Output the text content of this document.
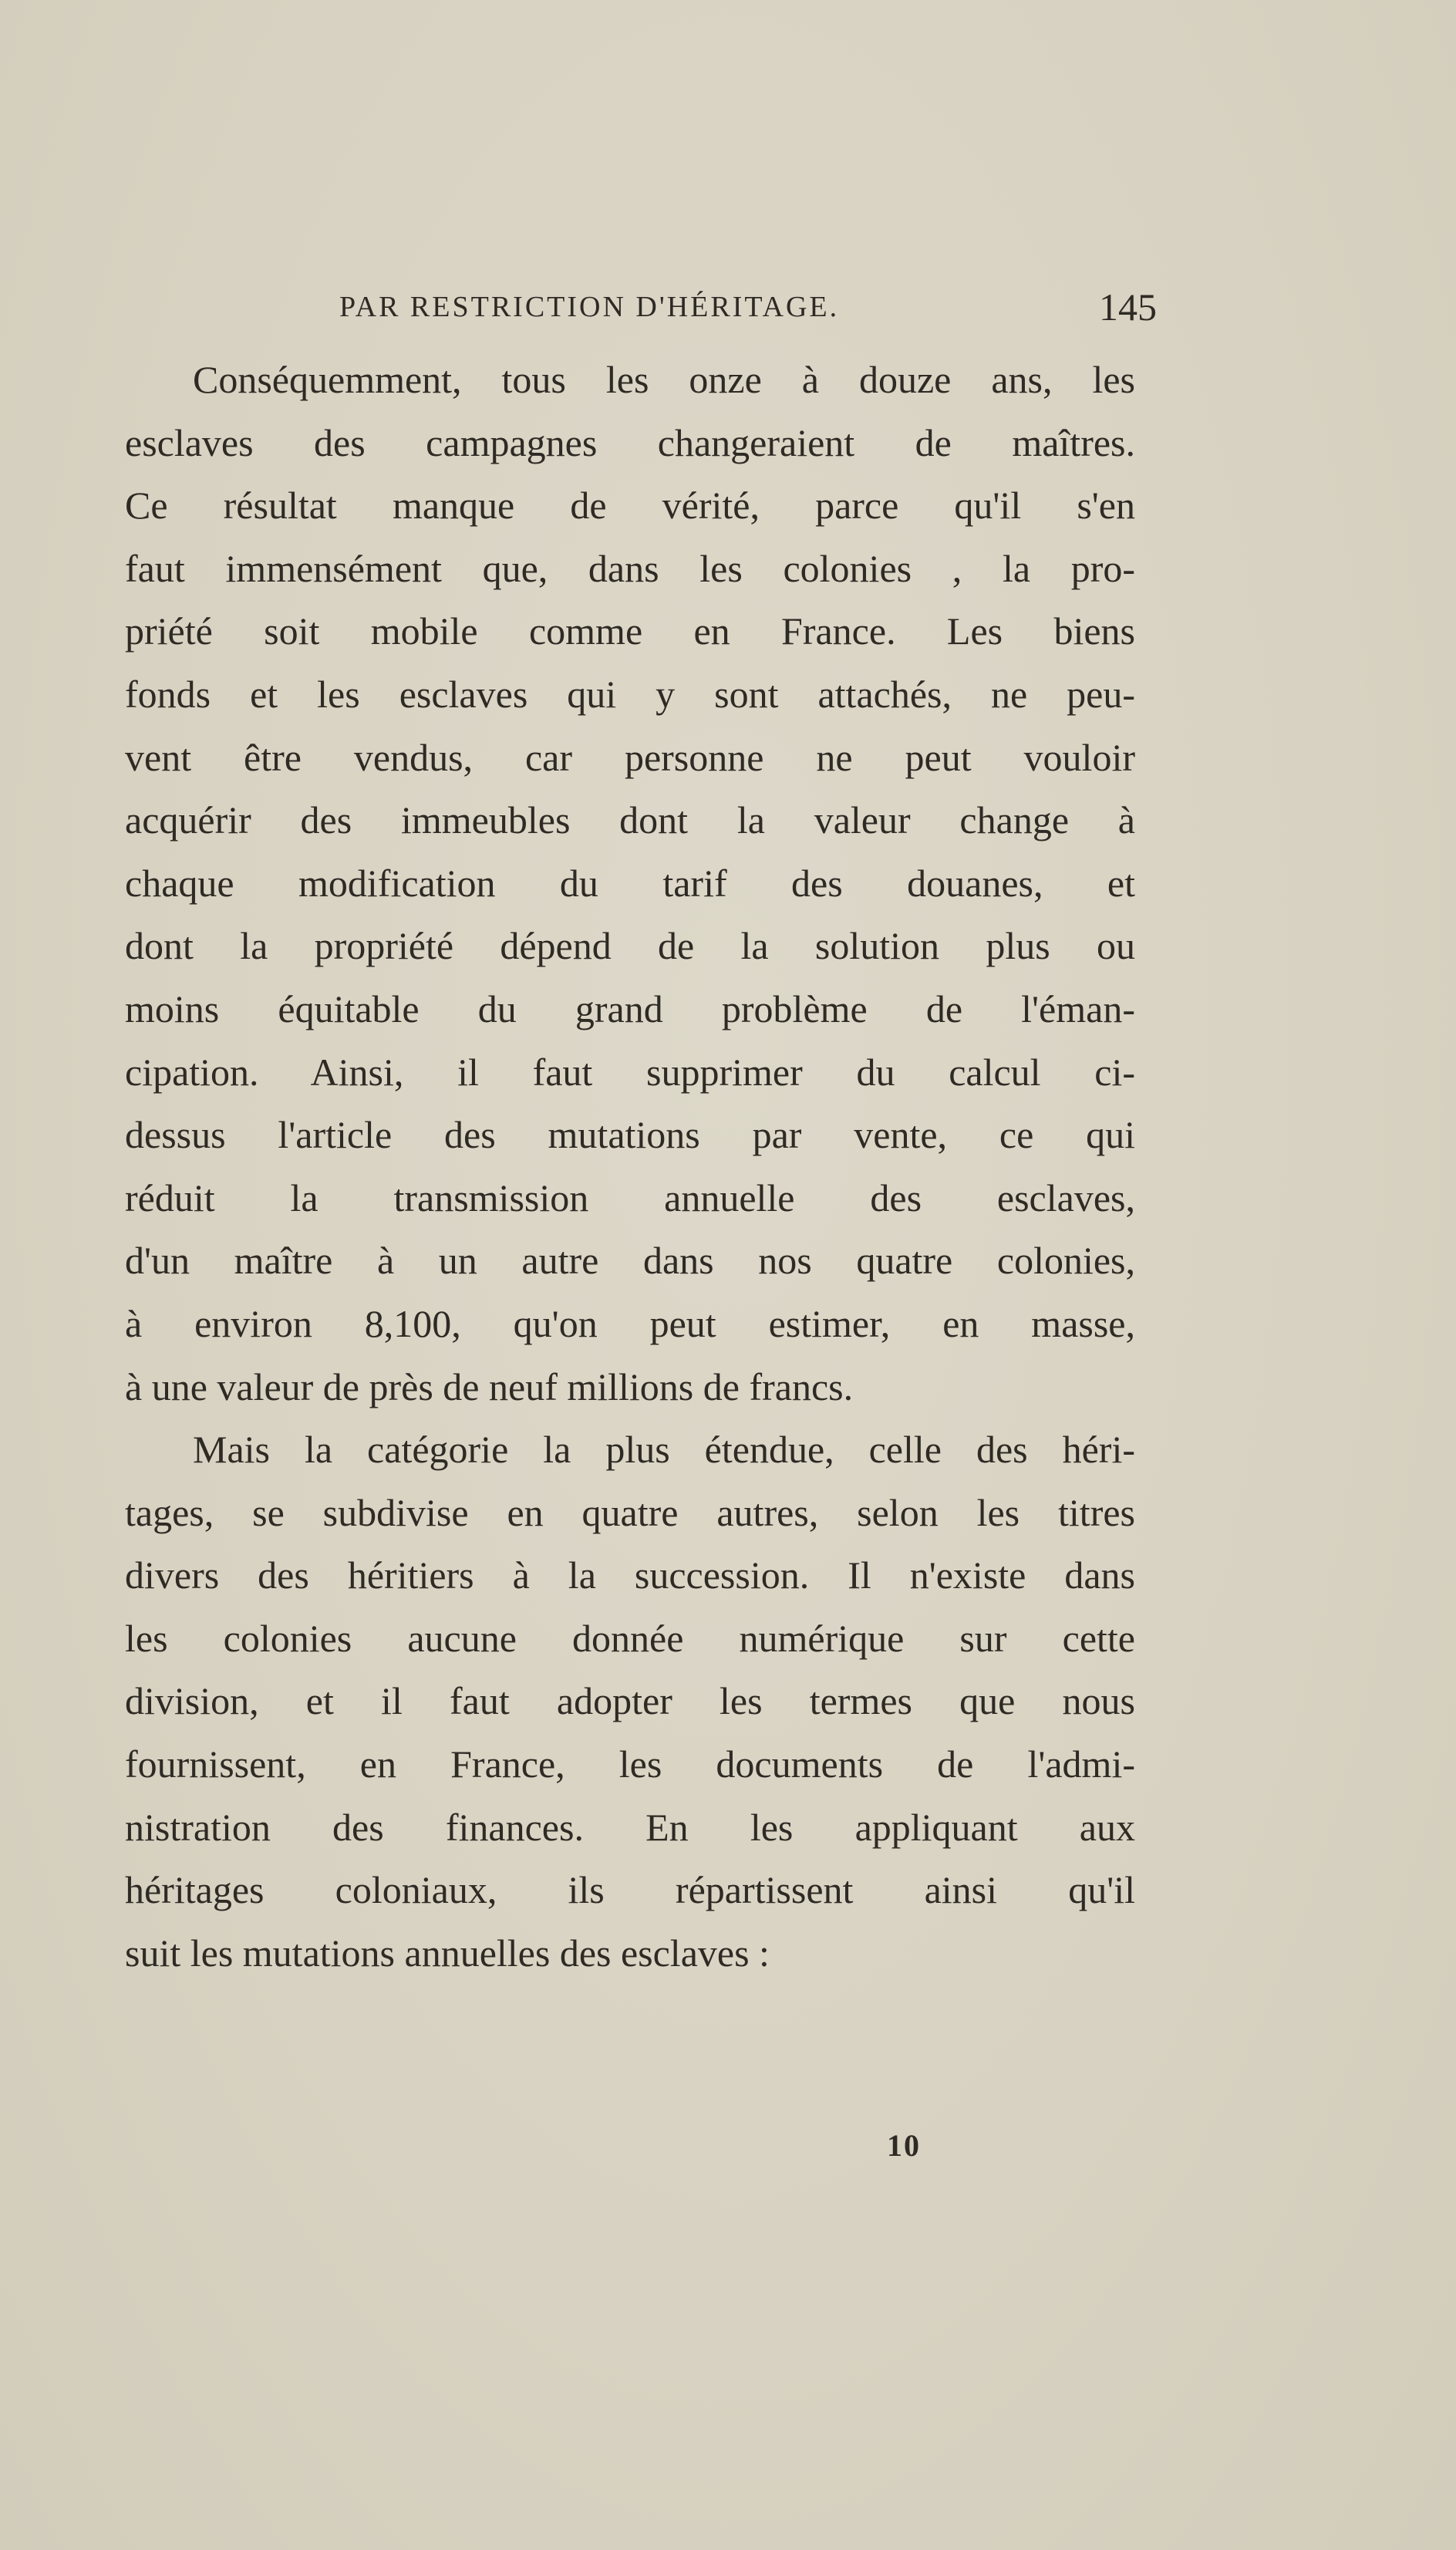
PAR RESTRICTION D'HÉRITAGE.	145
Conséquemment, tous les onze à douze ans, les
esclaves des campagnes changeraient de maîtres.
Ce résultat manque de vérité, parce qu'il s'en
faut immensément que, dans les colonies , la pro-
priété soit mobile comme en France. Les biens
fonds et les esclaves qui y sont attachés, ne peu-
vent être vendus, car personne ne peut vouloir
acquérir des immeubles dont la valeur change à
chaque modification du tarif des douanes, et
dont la propriété dépend de la solution plus ou
moins équitable du grand problème de l'éman-
cipation. Ainsi, il faut supprimer du calcul ci-
dessus l'article des mutations par vente, ce qui
réduit la transmission annuelle des esclaves,
d'un maître à un autre dans nos quatre colonies,
à environ 8,100, qu'on peut estimer, en masse,
à une valeur de près de neuf millions de francs.
Mais la catégorie la plus étendue, celle des héri-
tages, se subdivise en quatre autres, selon les titres
divers des héritiers à la succession. Il n'existe dans
les colonies aucune donnée numérique sur cette
division, et il faut adopter les termes que nous
fournissent, en France, les documents de l'admi-
nistration des finances. En les appliquant aux
héritages coloniaux, ils répartissent ainsi qu'il
suit les mutations annuelles des esclaves :
10
